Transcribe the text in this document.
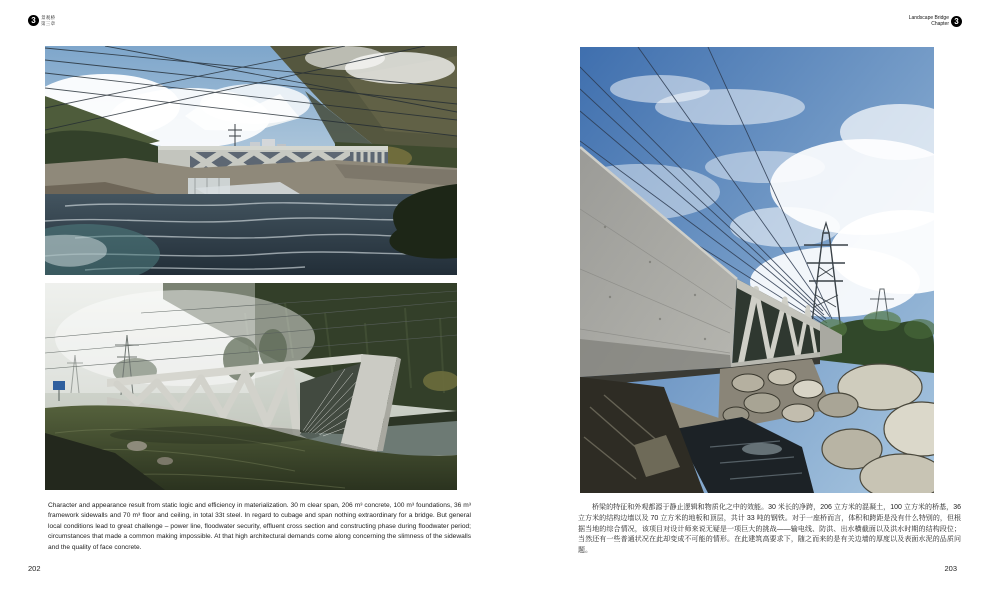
3	景观桥
第三章
Landscape Bridge
Chapter 3

Character and appearance result from static logic and efficiency in materialization. 30 m clear span, 206 m³ concrete, 100 m³ foundations, 36 m³ framework sidewalls and 70 m³ floor and ceiling, in total 33t steel. In regard to cubage and span nothing extraordinary for a bridge. But general local conditions lead to great challenge – power line, floodwater security, effluent cross section and constructing phase during floodwater period; circumstances that made a common making impossible. At that high architectural demands come along concerning the slimness of the sidewalls and the quality of face concrete.

桥梁的特征和外观都源于静止逻辑和物质化之中的效能。30 米长的净跨，206 立方米的混凝土，100 立方米的桥基，36 立方米的结构边墙以及 70 立方米的地板和顶层，共计 33 吨的钢铁。对于一座桥而言，体积和跨距是没有什么特别的，但根据当地的综合情况，该项目对设计师来说无疑是一项巨大的挑战——输电线、防洪、出水横截面以及洪水时期的结构段位；当然还有一些普通状况在此却变成不可能的情形。在此建筑高要求下，随之而来的是有关边墙的厚度以及表面水泥的品质问题。

202	203
